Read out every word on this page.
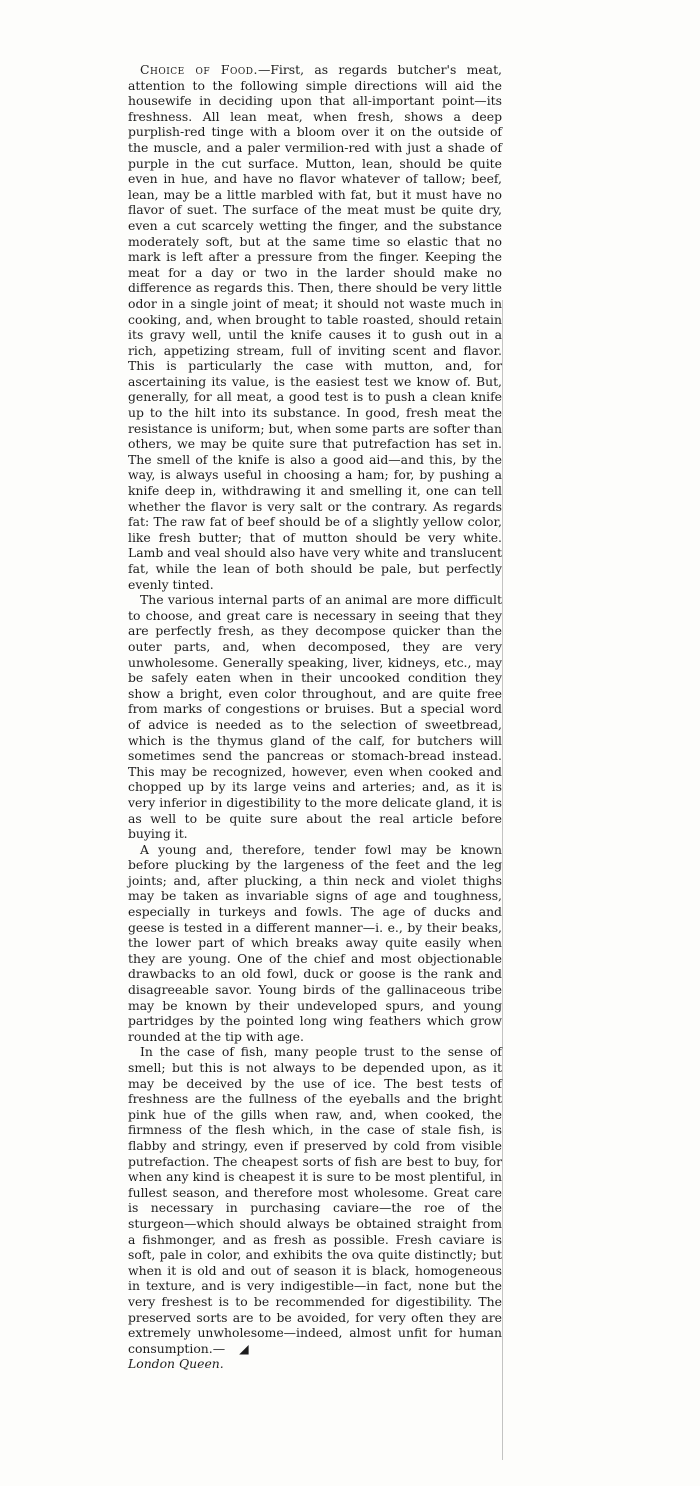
Choice of Food.—First, as regards butcher's meat, attention to the following simple directions will aid the housewife in deciding upon that all-important point—its freshness. All lean meat, when fresh, shows a deep purplish-red tinge with a bloom over it on the outside of the muscle, and a paler vermilion-red with just a shade of purple in the cut surface. Mutton, lean, should be quite even in hue, and have no flavor whatever of tallow; beef, lean, may be a little marbled with fat, but it must have no flavor of suet. The surface of the meat must be quite dry, even a cut scarcely wetting the finger, and the substance moderately soft, but at the same time so elastic that no mark is left after a pressure from the finger. Keeping the meat for a day or two in the larder should make no difference as regards this. Then, there should be very little odor in a single joint of meat; it should not waste much in cooking, and, when brought to table roasted, should retain its gravy well, until the knife causes it to gush out in a rich, appetizing stream, full of inviting scent and flavor. This is particularly the case with mutton, and, for ascertaining its value, is the easiest test we know of. But, generally, for all meat, a good test is to push a clean knife up to the hilt into its substance. In good, fresh meat the resistance is uniform; but, when some parts are softer than others, we may be quite sure that putrefaction has set in. The smell of the knife is also a good aid—and this, by the way, is always useful in choosing a ham; for, by pushing a knife deep in, withdrawing it and smelling it, one can tell whether the flavor is very salt or the contrary. As regards fat: The raw fat of beef should be of a slightly yellow color, like fresh butter; that of mutton should be very white. Lamb and veal should also have very white and translucent fat, while the lean of both should be pale, but perfectly evenly tinted.

The various internal parts of an animal are more difficult to choose, and great care is necessary in seeing that they are perfectly fresh, as they decompose quicker than the outer parts, and, when decomposed, they are very unwholesome. Generally speaking, liver, kidneys, etc., may be safely eaten when in their uncooked condition they show a bright, even color throughout, and are quite free from marks of congestions or bruises. But a special word of advice is needed as to the selection of sweetbread, which is the thymus gland of the calf, for butchers will sometimes send the pancreas or stomach-bread instead. This may be recognized, however, even when cooked and chopped up by its large veins and arteries; and, as it is very inferior in digestibility to the more delicate gland, it is as well to be quite sure about the real article before buying it.

A young and, therefore, tender fowl may be known before plucking by the largeness of the feet and the leg joints; and, after plucking, a thin neck and violet thighs may be taken as invariable signs of age and toughness, especially in turkeys and fowls. The age of ducks and geese is tested in a different manner—i. e., by their beaks, the lower part of which breaks away quite easily when they are young. One of the chief and most objectionable drawbacks to an old fowl, duck or goose is the rank and disagreeable savor. Young birds of the gallinaceous tribe may be known by their undeveloped spurs, and young partridges by the pointed long wing feathers which grow rounded at the tip with age.

In the case of fish, many people trust to the sense of smell; but this is not always to be depended upon, as it may be deceived by the use of ice. The best tests of freshness are the fullness of the eyeballs and the bright pink hue of the gills when raw, and, when cooked, the firmness of the flesh which, in the case of stale fish, is flabby and stringy, even if preserved by cold from visible putrefaction. The cheapest sorts of fish are best to buy, for when any kind is cheapest it is sure to be most plentiful, in fullest season, and therefore most wholesome. Great care is necessary in purchasing caviare—the roe of the sturgeon—which should always be obtained straight from a fishmonger, and as fresh as possible. Fresh caviare is soft, pale in color, and exhibits the ova quite distinctly; but when it is old and out of season it is black, homogeneous in texture, and is very indigestible—in fact, none but the very freshest is to be recommended for digestibility. The preserved sorts are to be avoided, for very often they are extremely unwholesome—indeed, almost unfit for human consumption.— ◢

London Queen.
